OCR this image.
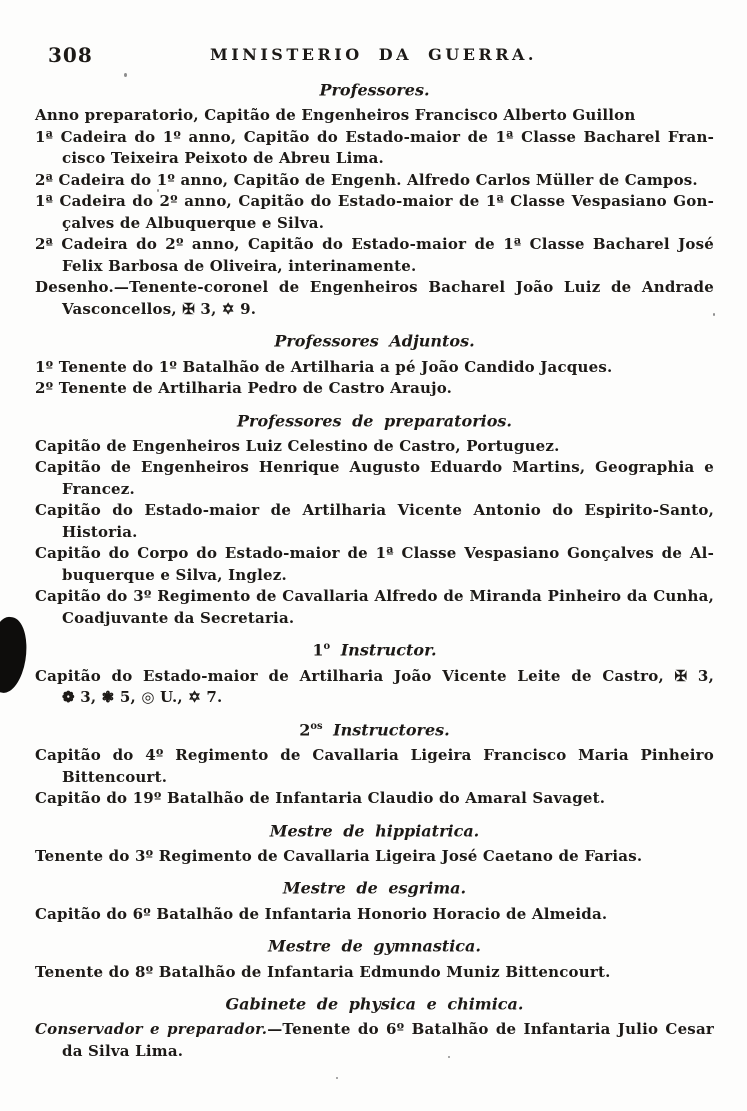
308	MINISTERIO DA GUERRA.
Professores.

Anno preparatorio, Capitão de Engenheiros Francisco Alberto Guillon

1ª Cadeira do 1º anno, Capitão do Estado-maior de 1ª Classe Bacharel Fran-
cisco Teixeira Peixoto de Abreu Lima.

2ª Cadeira do 1º anno, Capitão de Engenh. Alfredo Carlos Müller de Campos.

1ª Cadeira do 2º anno, Capitão do Estado-maior de 1ª Classe Vespasiano Gon-
çalves de Albuquerque e Silva.

2ª Cadeira do 2º anno, Capitão do Estado-maior de 1ª Classe Bacharel José
Felix Barbosa de Oliveira, interinamente.

Desenho.—Tenente-coronel de Engenheiros Bacharel João Luiz de Andrade
Vasconcellos, ✠ 3, ✡ 9.

Professores Adjuntos.

1º Tenente do 1º Batalhão de Artilharia a pé João Candido Jacques.

2º Tenente de Artilharia Pedro de Castro Araujo.

Professores de preparatorios.

Capitão de Engenheiros Luiz Celestino de Castro, Portuguez.

Capitão de Engenheiros Henrique Augusto Eduardo Martins, Geographia e
Francez.

Capitão do Estado-maior de Artilharia Vicente Antonio do Espirito-Santo,
Historia.

Capitão do Corpo do Estado-maior de 1ª Classe Vespasiano Gonçalves de Al-
buquerque e Silva, Inglez.

Capitão do 3º Regimento de Cavallaria Alfredo de Miranda Pinheiro da Cunha,
Coadjuvante da Secretaria.

1$^o$ Instructor.

Capitão do Estado-maior de Artilharia João Vicente Leite de Castro, ✠ 3,
❁ 3, ❃ 5, ◎ U., ✡ 7.

$2^{os}$ Instructores.

Capitão do 4º Regimento de Cavallaria Ligeira Francisco Maria Pinheiro
Bittencourt.

Capitão do 19º Batalhão de Infantaria Claudio do Amaral Savaget.

Mestre de hippiatrica.

Tenente do 3º Regimento de Cavallaria Ligeira José Caetano de Farias.

Mestre de esgrima.

Capitão do 6º Batalhão de Infantaria Honorio Horacio de Almeida.

Mestre de gymnastica.

Tenente do 8º Batalhão de Infantaria Edmundo Muniz Bittencourt.

Gabinete de physica e chimica.

Conservador e preparador.—Tenente do 6º Batalhão de Infantaria Julio Cesar
da Silva Lima.
